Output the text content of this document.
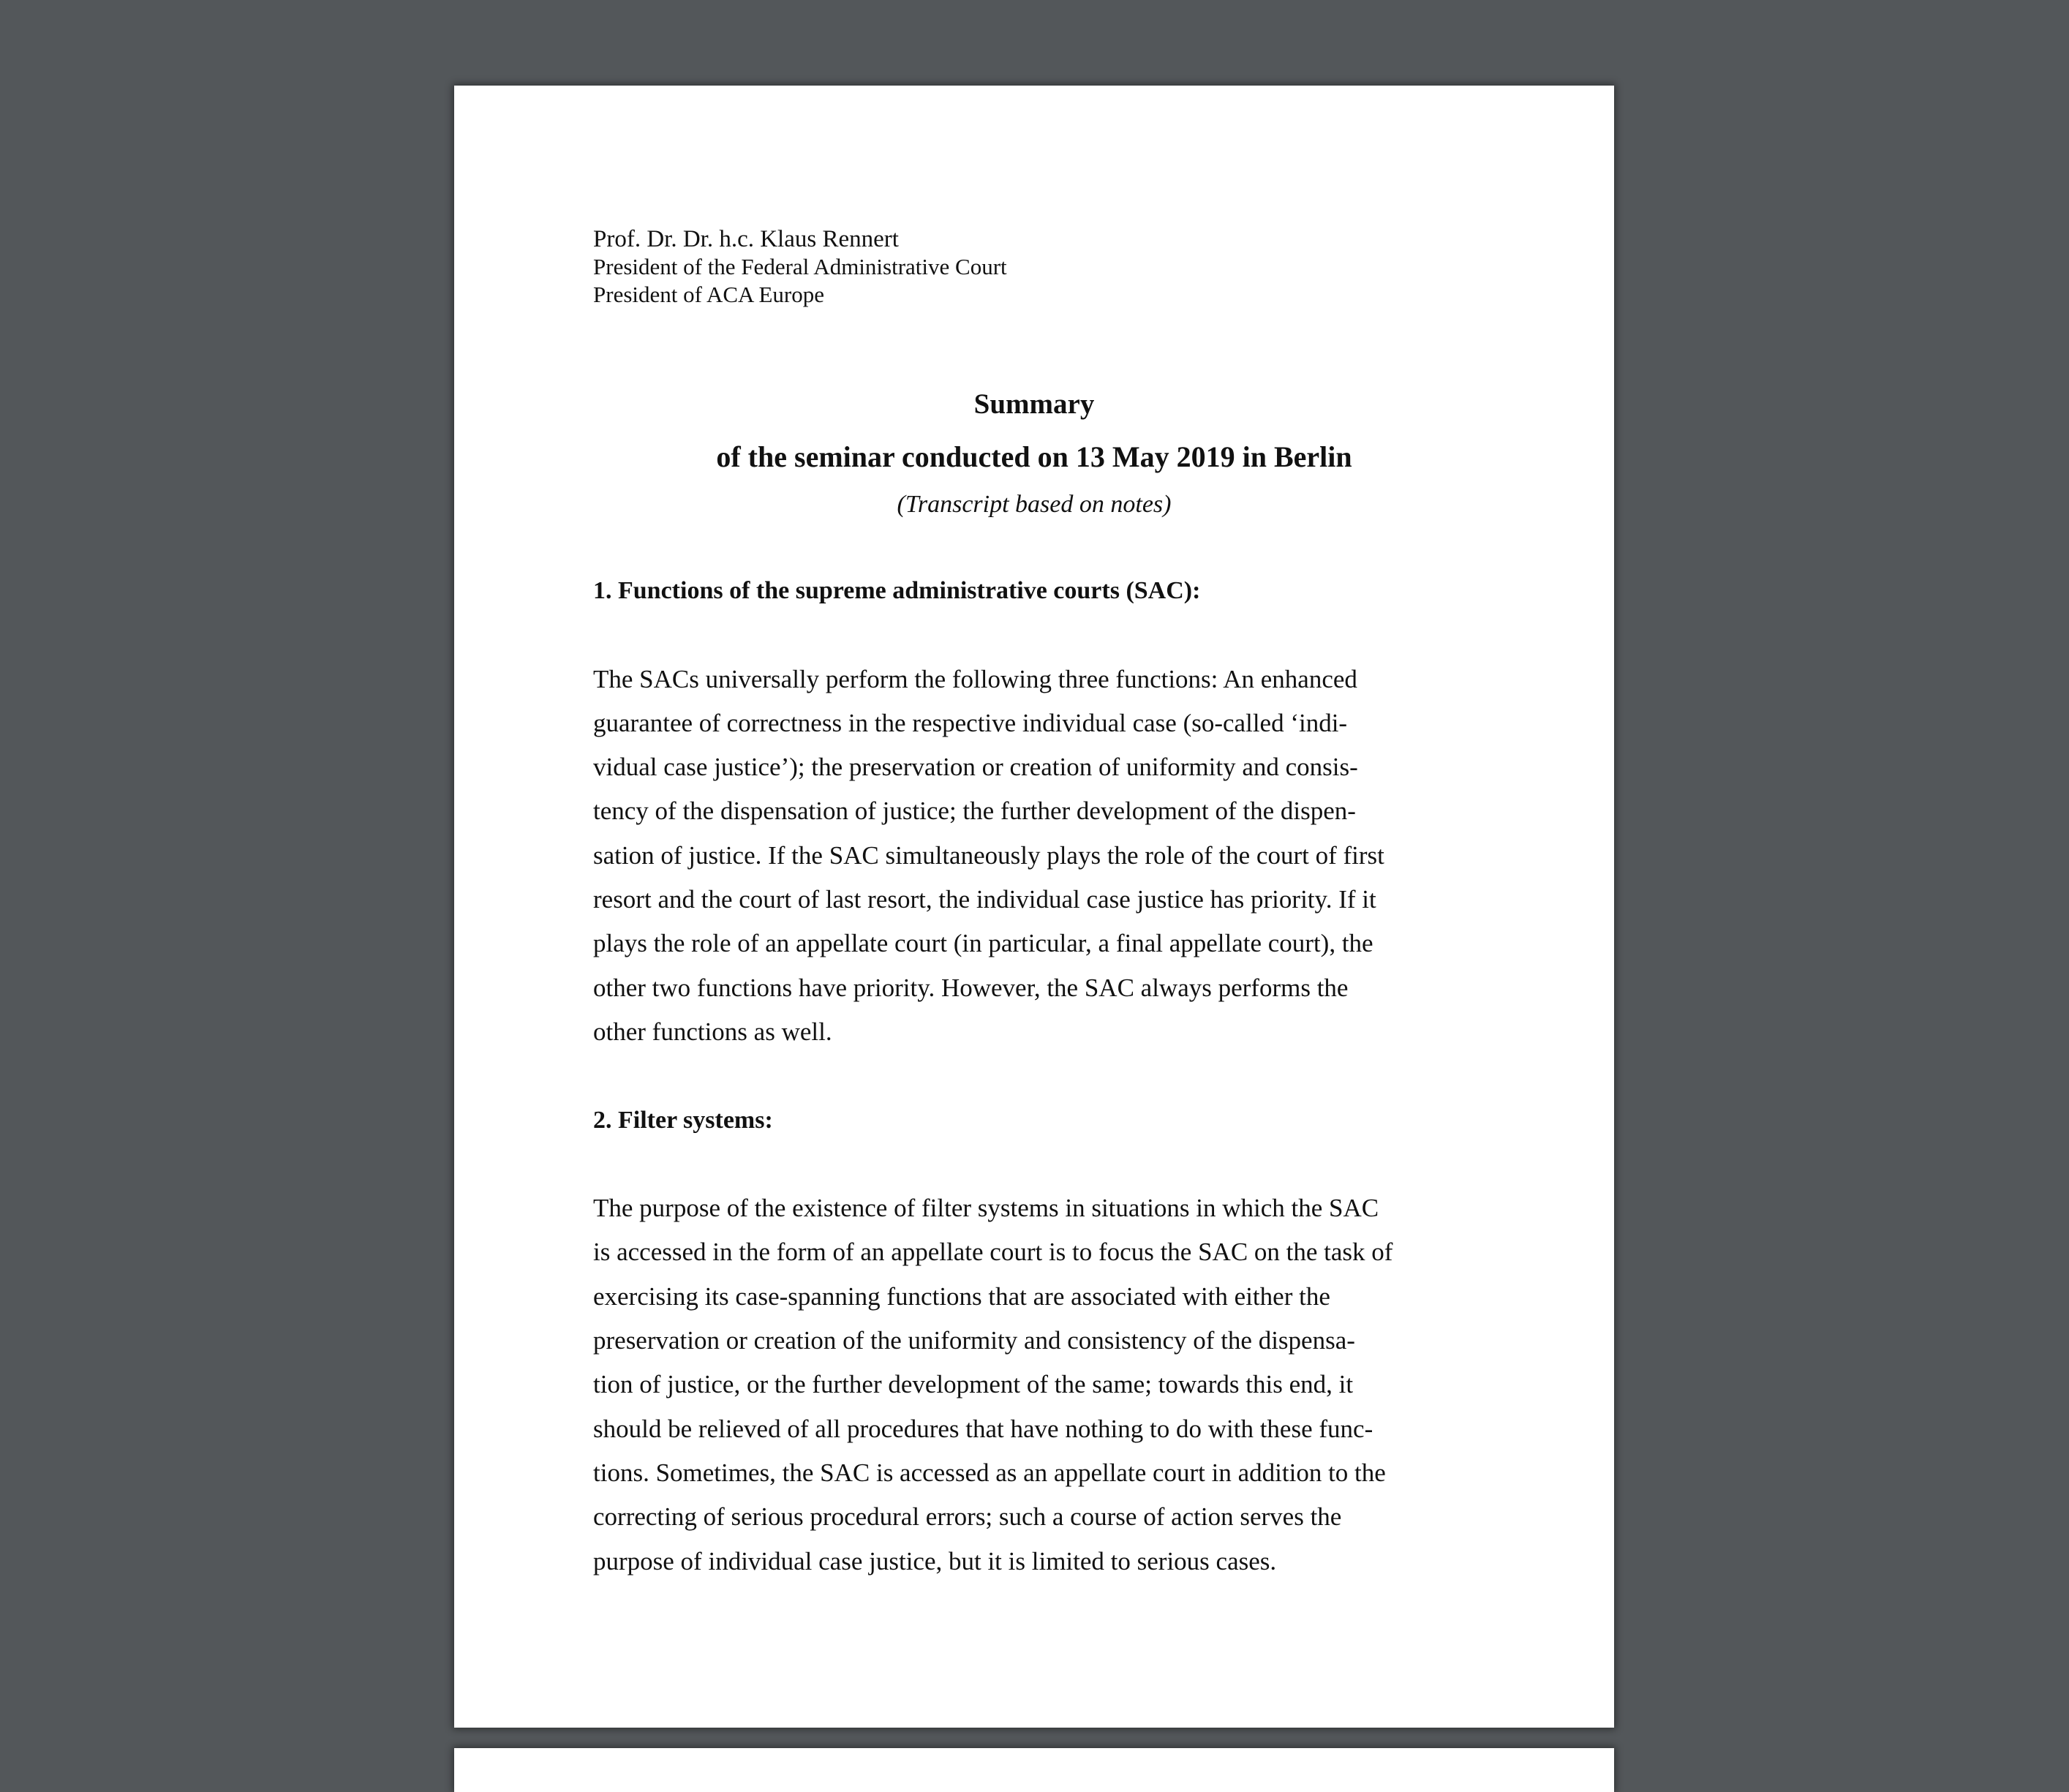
Prof. Dr. Dr. h.c. Klaus Rennert
President of the Federal Administrative Court
President of ACA Europe
Summary
of the seminar conducted on 13 May 2019 in Berlin
(Transcript based on notes)
1. Functions of the supreme administrative courts (SAC):
The SACs universally perform the following three functions: An enhanced
guarantee of correctness in the respective individual case (so-called ‘indi-
vidual case justice’); the preservation or creation of uniformity and consis-
tency of the dispensation of justice; the further development of the dispen-
sation of justice. If the SAC simultaneously plays the role of the court of first
resort and the court of last resort, the individual case justice has priority. If it
plays the role of an appellate court (in particular, a final appellate court), the
other two functions have priority. However, the SAC always performs the
other functions as well.
2. Filter systems:
The purpose of the existence of filter systems in situations in which the SAC
is accessed in the form of an appellate court is to focus the SAC on the task of
exercising its case-spanning functions that are associated with either the
preservation or creation of the uniformity and consistency of the dispensa-
tion of justice, or the further development of the same; towards this end, it
should be relieved of all procedures that have nothing to do with these func-
tions. Sometimes, the SAC is accessed as an appellate court in addition to the
correcting of serious procedural errors; such a course of action serves the
purpose of individual case justice, but it is limited to serious cases.
